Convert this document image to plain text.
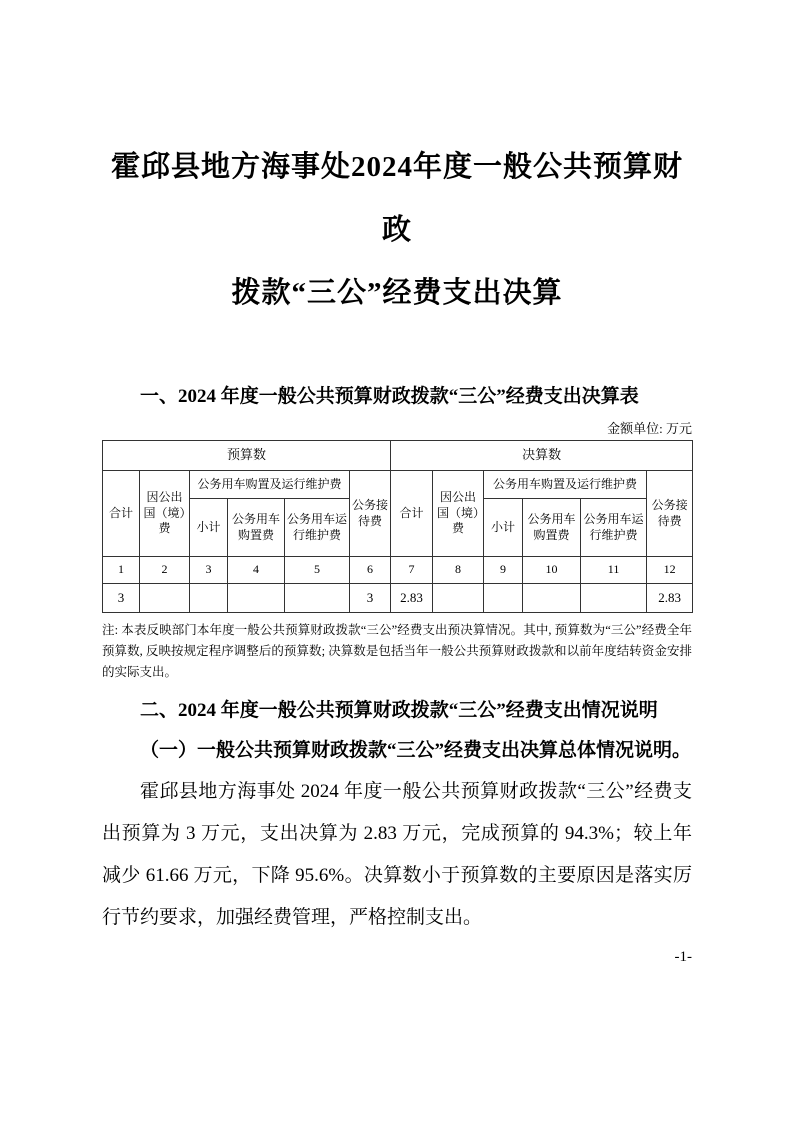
霍邱县地方海事处2024年度一般公共预算财政
拨款“三公”经费支出决算

一、2024 年度一般公共预算财政拨款“三公”经费支出决算表

金额单位: 万元
预算数						决算数					
合计	因公出国（境）费	公务用车购置及运行维护费			公务接待费	合计	因公出国（境）费	公务用车购置及运行维护费			公务接待费
		小计	公务用车购置费	公务用车运行维护费				小计	公务用车购置费	公务用车运行维护费	
1	2	3	4	5	6	7	8	9	10	11	12
3					3	2.83					2.83

注: 本表反映部门本年度一般公共预算财政拨款“三公”经费支出预决算情况。其中, 预算数为“三公”经费全年预算数, 反映按规定程序调整后的预算数; 决算数是包括当年一般公共预算财政拨款和以前年度结转资金安排的实际支出。

二、2024 年度一般公共预算财政拨款“三公”经费支出情况说明

（一）一般公共预算财政拨款“三公”经费支出决算总体情况说明。

霍邱县地方海事处 2024 年度一般公共预算财政拨款“三公”经费支出预算为 3 万元，支出决算为 2.83 万元，完成预算的 94.3%；较上年减少 61.66 万元，下降 95.6%。决算数小于预算数的主要原因是落实厉行节约要求，加强经费管理，严格控制支出。

-1-
